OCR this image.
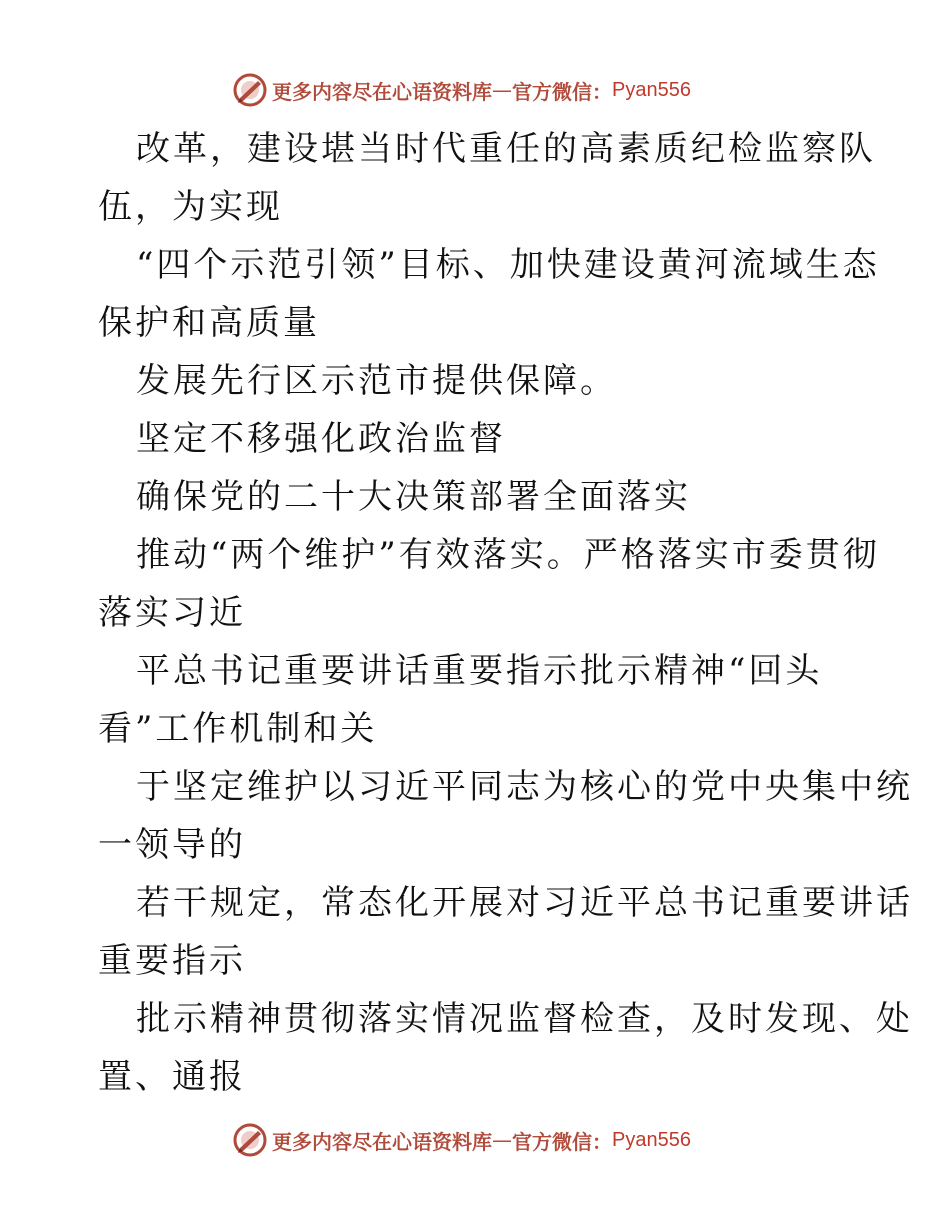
更多内容尽在心语资料库 — 官方微信： Pyan556
改革，建设堪当时代重任的高素质纪检监察队
伍，为实现
“四个示范引领”目标、加快建设黄河流域生态
保护和高质量
发展先行区示范市提供保障。
坚定不移强化政治监督
确保党的二十大决策部署全面落实
推动“两个维护”有效落实。严格落实市委贯彻
落实习近
平总书记重要讲话重要指示批示精神“回头
看”工作机制和关
于坚定维护以习近平同志为核心的党中央集中统
一领导的
若干规定，常态化开展对习近平总书记重要讲话
重要指示
批示精神贯彻落实情况监督检查，及时发现、处
置、通报
更多内容尽在心语资料库 — 官方微信： Pyan556
